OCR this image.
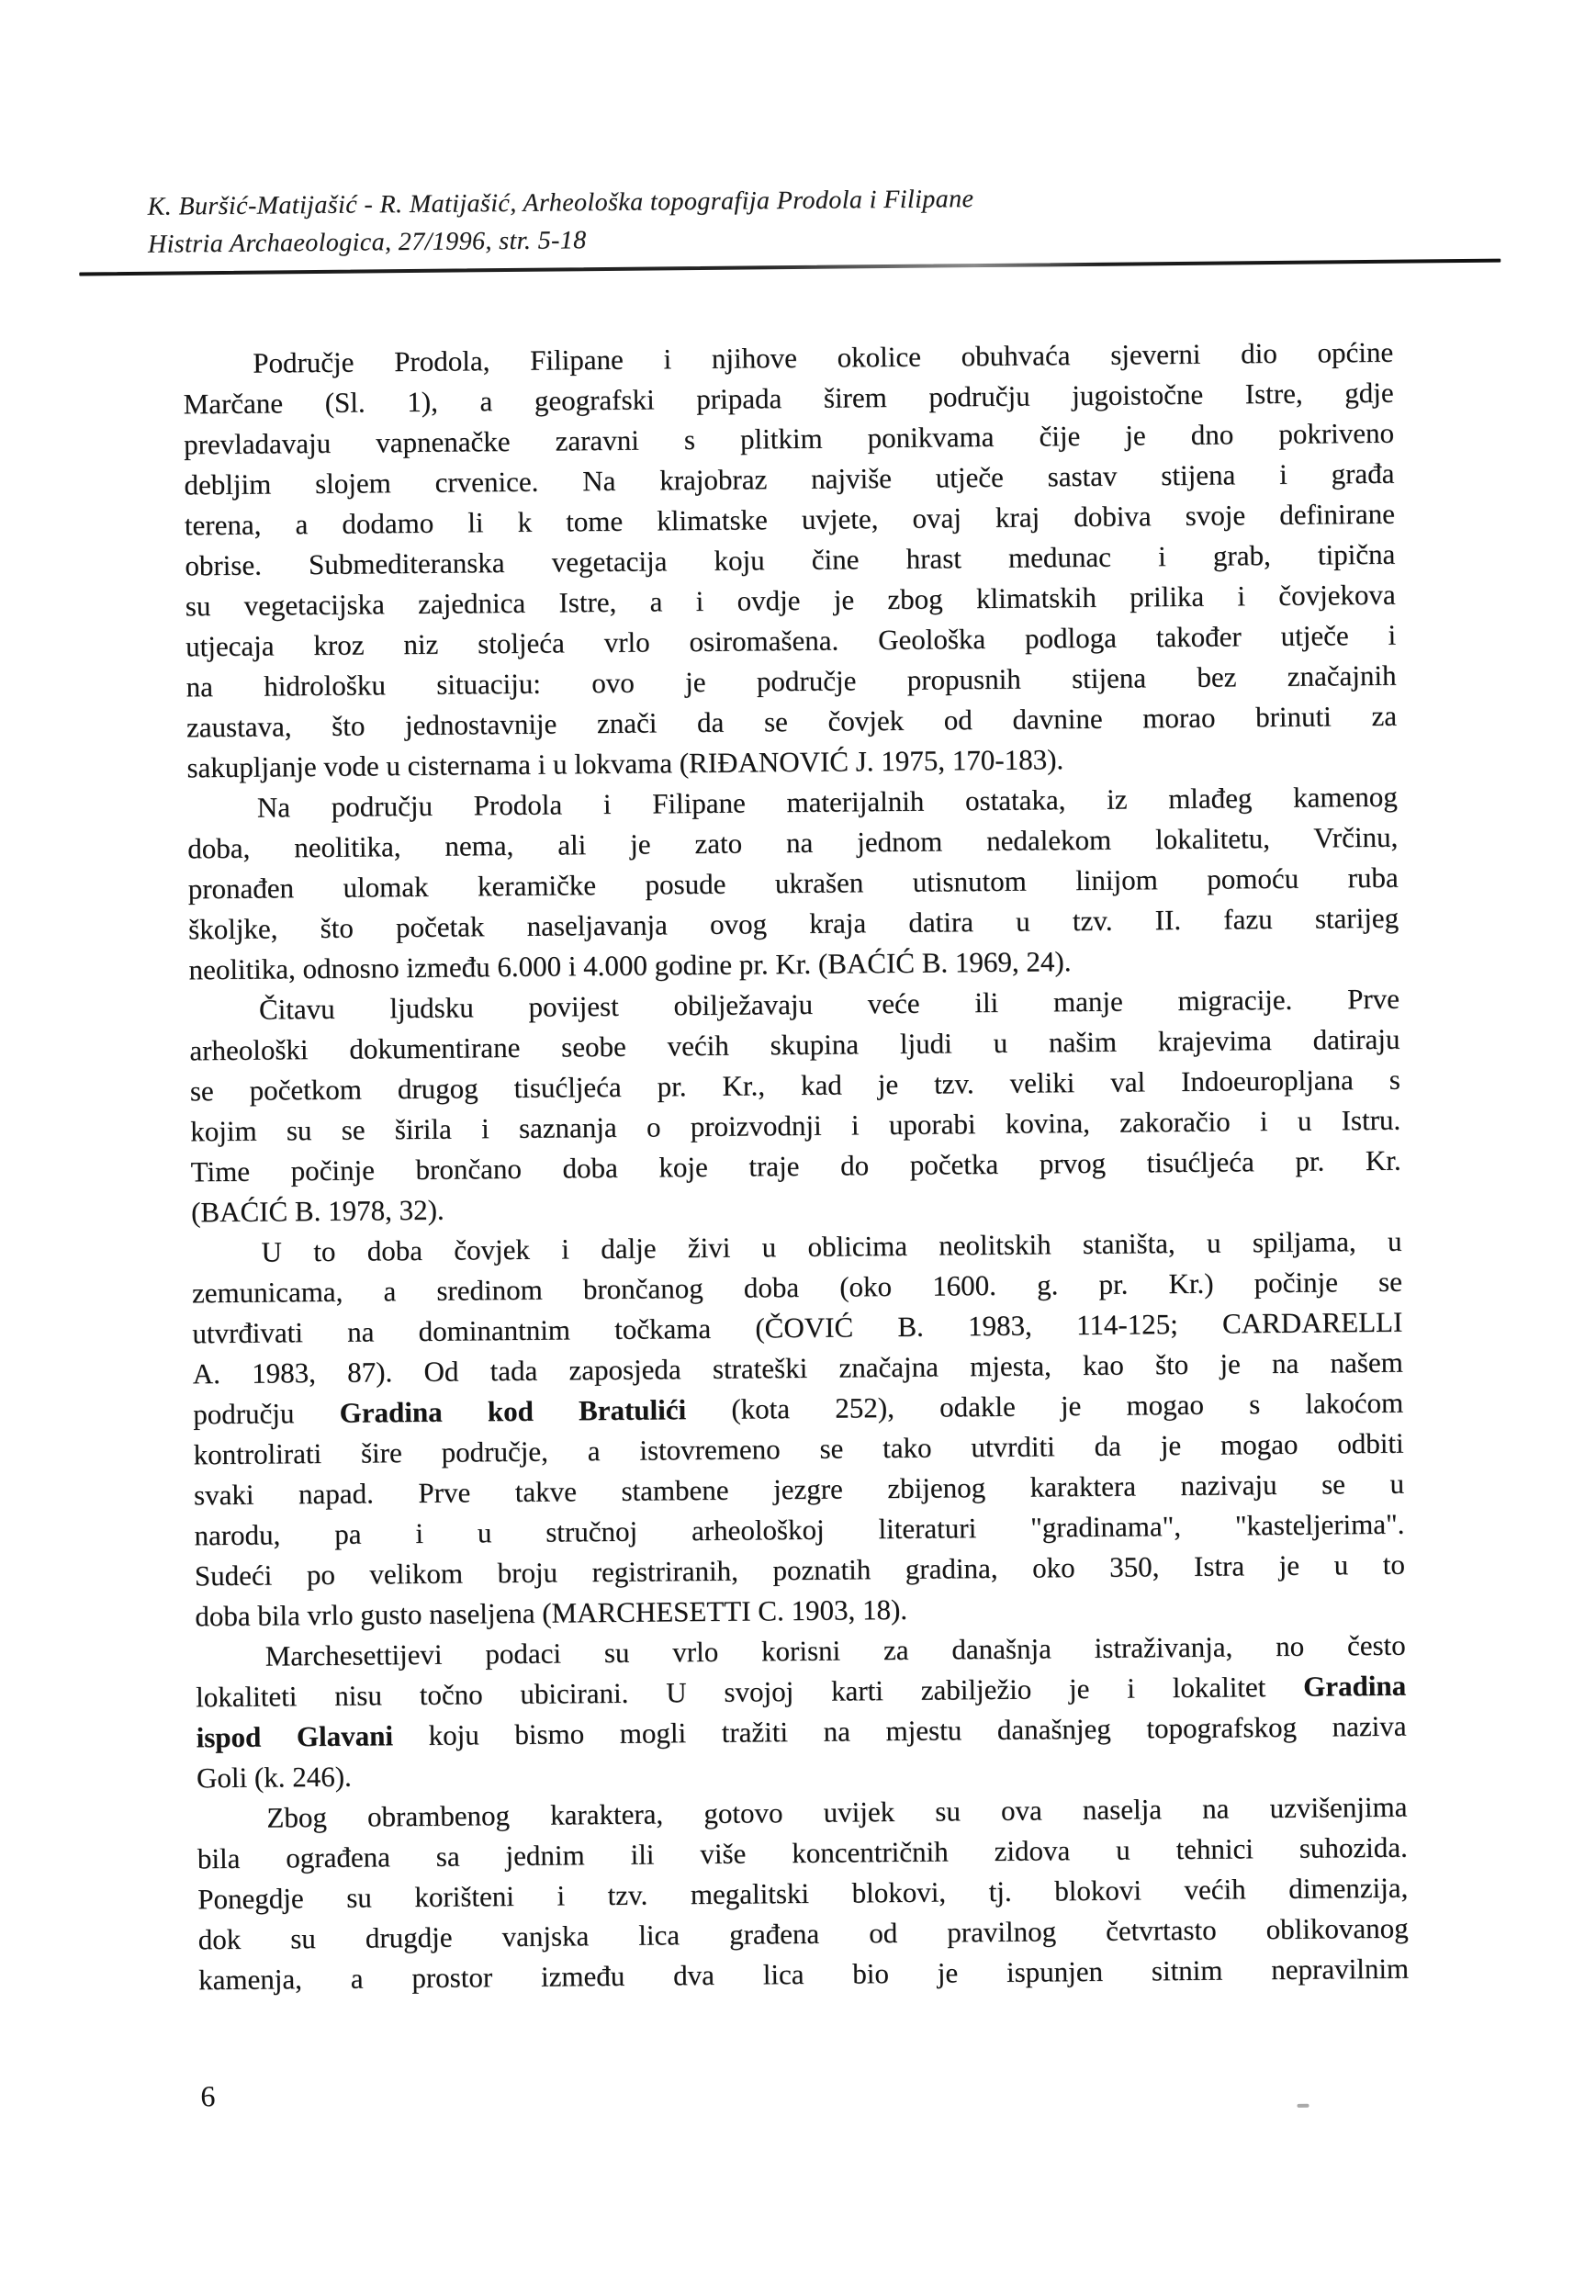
K. Buršić-Matijašić - R. Matijašić, Arheološka topografija Prodola i Filipane
Histria Archaeologica, 27/1996, str. 5-18
Područje Prodola, Filipane i njihove okolice obuhvaća sjeverni dio općine
Marčane (Sl. 1), a geografski pripada širem području jugoistočne Istre, gdje
prevladavaju vapnenačke zaravni s plitkim ponikvama čije je dno pokriveno
debljim slojem crvenice. Na krajobraz najviše utječe sastav stijena i građa
terena, a dodamo li k tome klimatske uvjete, ovaj kraj dobiva svoje definirane
obrise. Submediteranska vegetacija koju čine hrast medunac i grab, tipična
su vegetacijska zajednica Istre, a i ovdje je zbog klimatskih prilika i čovjekova
utjecaja kroz niz stoljeća vrlo osiromašena. Geološka podloga također utječe i
na hidrološku situaciju: ovo je područje propusnih stijena bez značajnih
zaustava, što jednostavnije znači da se čovjek od davnine morao brinuti za
sakupljanje vode u cisternama i u lokvama (RIĐANOVIĆ J. 1975, 170-183).
Na području Prodola i Filipane materijalnih ostataka, iz mlađeg kamenog
doba, neolitika, nema, ali je zato na jednom nedalekom lokalitetu, Vrčinu,
pronađen ulomak keramičke posude ukrašen utisnutom linijom pomoću ruba
školjke, što početak naseljavanja ovog kraja datira u tzv. II. fazu starijeg
neolitika, odnosno između 6.000 i 4.000 godine pr. Kr. (BAĆIĆ B. 1969, 24).
Čitavu ljudsku povijest obilježavaju veće ili manje migracije. Prve
arheološki dokumentirane seobe većih skupina ljudi u našim krajevima datiraju
se početkom drugog tisućljeća pr. Kr., kad je tzv. veliki val Indoeuropljana s
kojim su se širila i saznanja o proizvodnji i uporabi kovina, zakoračio i u Istru.
Time počinje brončano doba koje traje do početka prvog tisućljeća pr. Kr.
(BAĆIĆ B. 1978, 32).
U to doba čovjek i dalje živi u oblicima neolitskih staništa, u spiljama, u
zemunicama, a sredinom brončanog doba (oko 1600. g. pr. Kr.) počinje se
utvrđivati na dominantnim točkama (ČOVIĆ B. 1983, 114-125; CARDARELLI
A. 1983, 87). Od tada zaposjeda strateški značajna mjesta, kao što je na našem
području Gradina kod Bratulići (kota 252), odakle je mogao s lakoćom
kontrolirati šire područje, a istovremeno se tako utvrditi da je mogao odbiti
svaki napad. Prve takve stambene jezgre zbijenog karaktera nazivaju se u
narodu, pa i u stručnoj arheološkoj literaturi "gradinama", "kasteljerima".
Sudeći po velikom broju registriranih, poznatih gradina, oko 350, Istra je u to
doba bila vrlo gusto naseljena (MARCHESETTI C. 1903, 18).
Marchesettijevi podaci su vrlo korisni za današnja istraživanja, no često
lokaliteti nisu točno ubicirani. U svojoj karti zabilježio je i lokalitet Gradina
ispod Glavani koju bismo mogli tražiti na mjestu današnjeg topografskog naziva
Goli (k. 246).
Zbog obrambenog karaktera, gotovo uvijek su ova naselja na uzvišenjima
bila ograđena sa jednim ili više koncentričnih zidova u tehnici suhozida.
Ponegdje su korišteni i tzv. megalitski blokovi, tj. blokovi većih dimenzija,
dok su drugdje vanjska lica građena od pravilnog četvrtasto oblikovanog
kamenja, a prostor između dva lica bio je ispunjen sitnim nepravilnim
6
